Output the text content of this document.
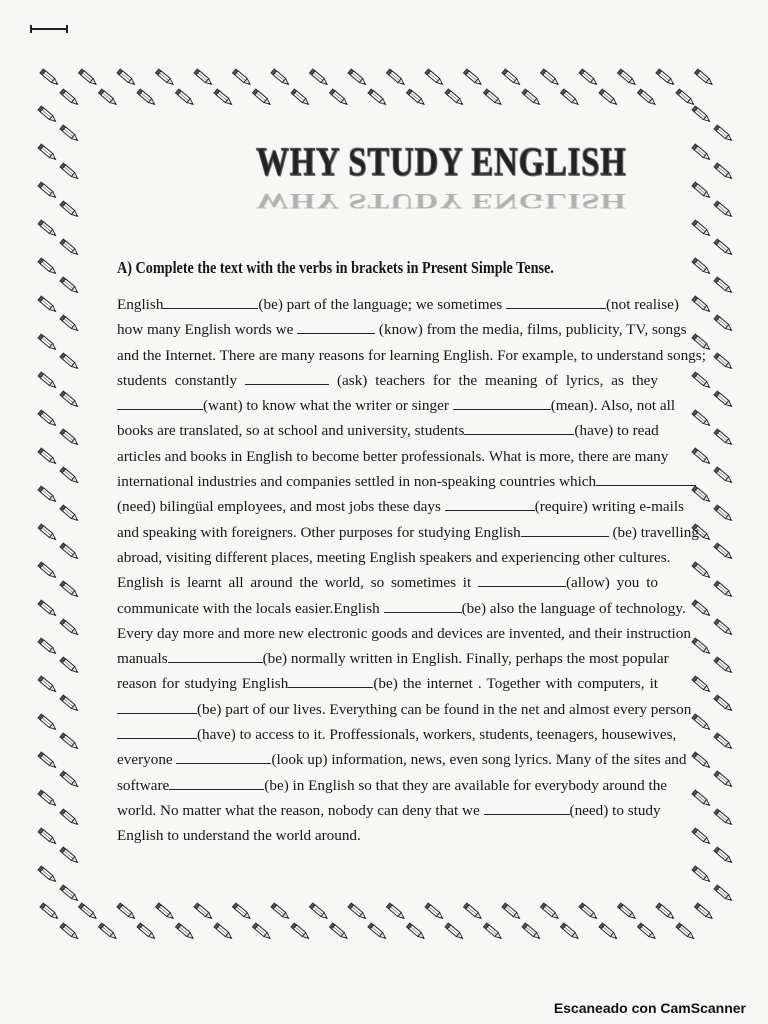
WHY STUDY ENGLISH
WHY STUDY ENGLISH
A) Complete the text with the verbs in brackets in Present Simple Tense.
English	(be) part of the language; we sometimes	(not realise)
how many English words we	(know) from the media, films, publicity, TV, songs
and the Internet. There are many reasons for learning English. For example, to understand songs;
students constantly	(ask) teachers for the meaning of lyrics, as they
(want) to know what the writer or singer	(mean). Also, not all
books are translated, so at school and university, students	(have) to read
articles and books in English to become better professionals. What is more, there are many
international industries and companies settled in non-speaking countries which
(need) bilingüal employees, and most jobs these days	(require) writing e-mails
and speaking with foreigners. Other purposes for studying English	(be) travelling
abroad, visiting different places, meeting English speakers and experiencing other cultures.
English is learnt all around the world, so sometimes it	(allow) you to
communicate with the locals easier.English	(be) also the language of technology.
Every day more and more new electronic goods and devices are invented, and their instruction
manuals	(be) normally written in English. Finally, perhaps the most popular
reason for studying English	(be) the internet . Together with computers, it
(be) part of our lives. Everything can be found in the net and almost every person
(have) to access to it. Proffessionals, workers, students, teenagers, housewives,
everyone	(look up) information, news, even song lyrics. Many of the sites and
software	(be) in English so that they are available for everybody around the
world. No matter what the reason, nobody can deny that we	(need) to study
English to understand the world around.
Escaneado con CamScanner
